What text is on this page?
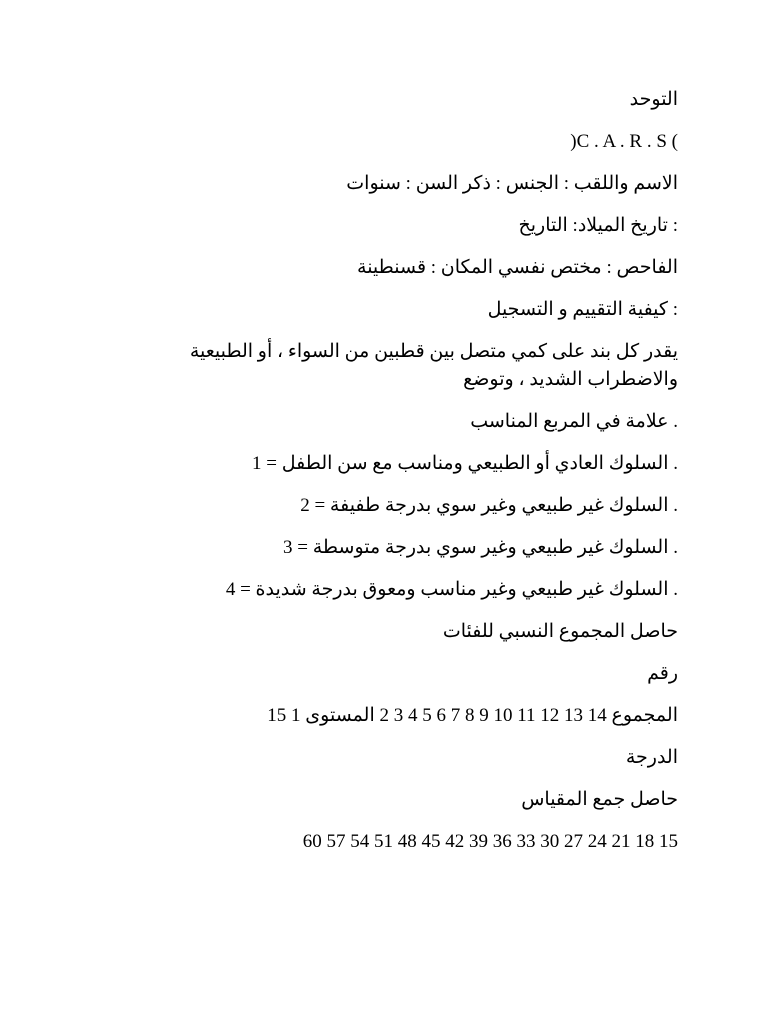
التوحد
)C . A . R . S (
الاسم واللقب : الجنس : ذكر السن : سنوات
: تاريخ الميلاد: التاريخ
الفاحص : مختص نفسي المكان : قسنطينة
: كيفية التقييم و التسجيل
يقدر كل بند على كمي متصل بين قطبين من السواء ، أو الطبيعية والاضطراب الشديد ، وتوضع
. علامة في المربع المناسب
. السلوك العادي أو الطبيعي ومناسب مع سن الطفل = 1
. السلوك غير طبيعي وغير سوي بدرجة طفيفة = 2
. السلوك غير طبيعي وغير سوي بدرجة متوسطة = 3
. السلوك غير طبيعي وغير مناسب ومعوق بدرجة شديدة = 4
حاصل المجموع النسبي للفئات
رقم
المجموع 14 13 12 11 10 9 8 7 6 5 4 3 2 المستوى 1 15
الدرجة
حاصل جمع المقياس
60 57 54 51 48 45 42 39 36 33 30 27 24 21 18 15
